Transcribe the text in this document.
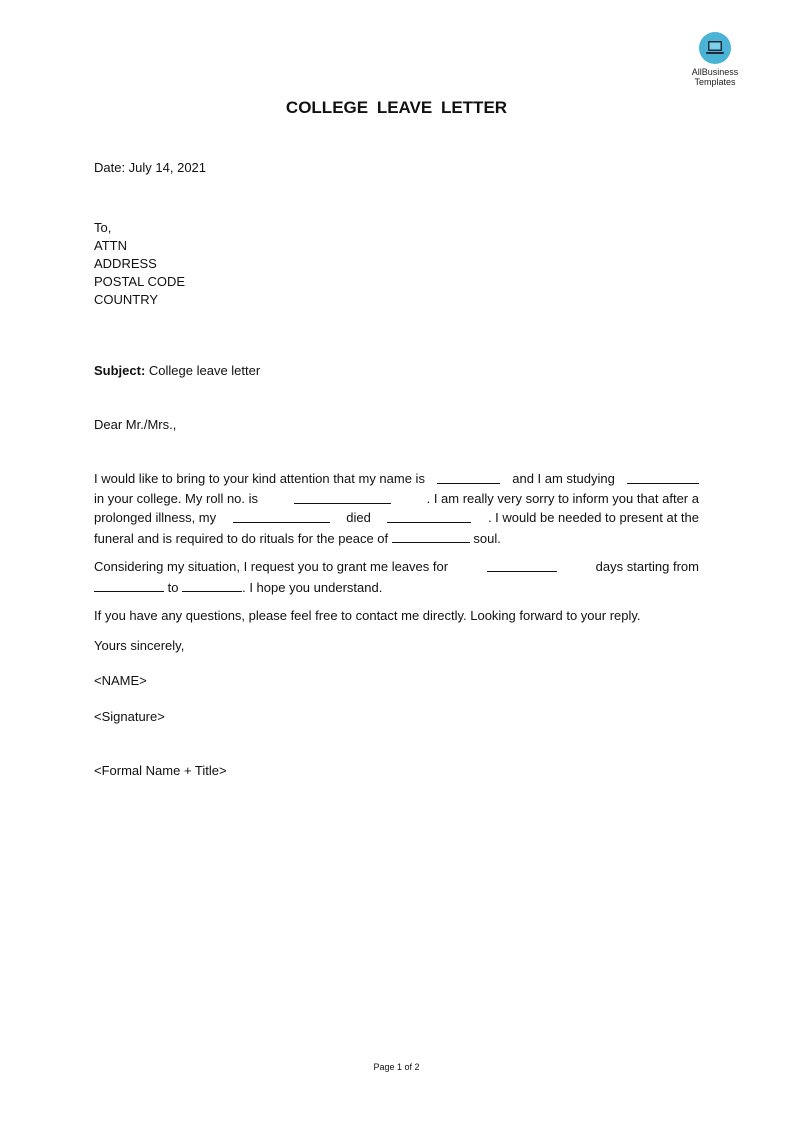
AllBusiness
Templates
COLLEGE LEAVE LETTER
Date: July 14, 2021
To,
ATTN
ADDRESS
POSTAL CODE
COUNTRY
Subject: College leave letter
Dear Mr./Mrs.,
I would like to bring to your kind attention that my name is	and I am studying
in your college. My roll no. is	. I am really very sorry to inform you that after a
prolonged illness, my	died	. I would be needed to present at the
funeral and is required to do rituals for the peace of	soul.
Considering my situation, I request you to grant me leaves for	days starting from
to	. I hope you understand.
If you have any questions, please feel free to contact me directly. Looking forward to your reply.
Yours sincerely,
<NAME>
<Signature>
<Formal Name + Title>
Page 1 of 2
